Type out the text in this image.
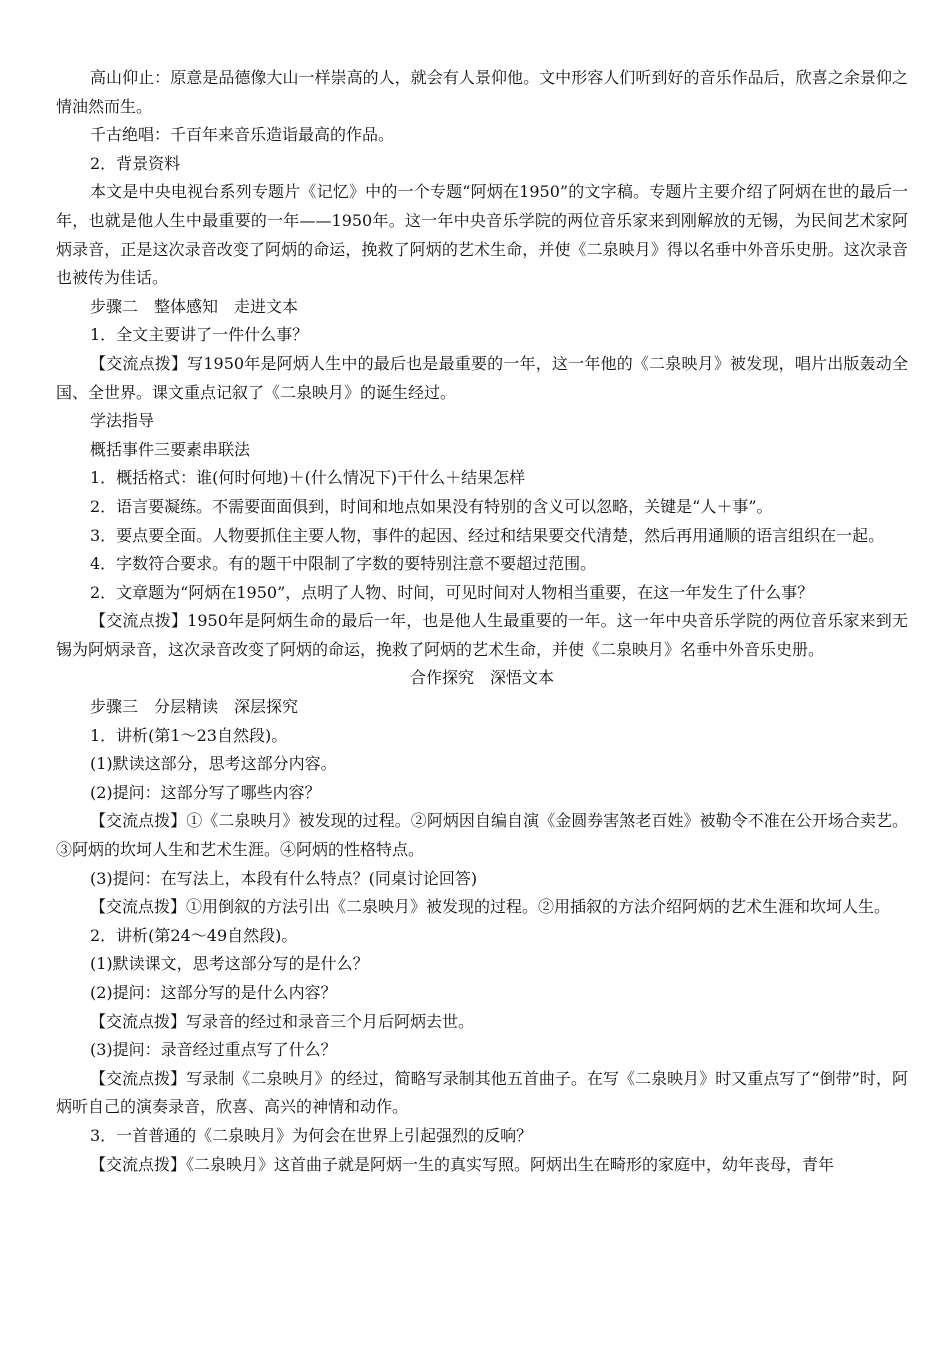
高山仰止：原意是品德像大山一样崇高的人，就会有人景仰他。文中形容人们听到好的音乐作品后，欣喜之余景仰之情油然而生。

千古绝唱：千百年来音乐造诣最高的作品。

2．背景资料

本文是中央电视台系列专题片《记忆》中的一个专题“阿炳在1950”的文字稿。专题片主要介绍了阿炳在世的最后一年，也就是他人生中最重要的一年——1950年。这一年中央音乐学院的两位音乐家来到刚解放的无锡，为民间艺术家阿炳录音，正是这次录音改变了阿炳的命运，挽救了阿炳的艺术生命，并使《二泉映月》得以名垂中外音乐史册。这次录音也被传为佳话。

步骤二　整体感知　走进文本

1．全文主要讲了一件什么事？

【交流点拨】写1950年是阿炳人生中的最后也是最重要的一年，这一年他的《二泉映月》被发现，唱片出版轰动全国、全世界。课文重点记叙了《二泉映月》的诞生经过。

学法指导

概括事件三要素串联法

1．概括格式：谁(何时何地)＋(什么情况下)干什么＋结果怎样

2．语言要凝练。不需要面面俱到，时间和地点如果没有特别的含义可以忽略，关键是“人＋事”。

3．要点要全面。人物要抓住主要人物，事件的起因、经过和结果要交代清楚，然后再用通顺的语言组织在一起。

4．字数符合要求。有的题干中限制了字数的要特别注意不要超过范围。

2．文章题为“阿炳在1950”，点明了人物、时间，可见时间对人物相当重要，在这一年发生了什么事？

【交流点拨】1950年是阿炳生命的最后一年，也是他人生最重要的一年。这一年中央音乐学院的两位音乐家来到无锡为阿炳录音，这次录音改变了阿炳的命运，挽救了阿炳的艺术生命，并使《二泉映月》名垂中外音乐史册。

合作探究　深悟文本

步骤三　分层精读　深层探究

1．讲析(第1～23自然段)。

(1)默读这部分，思考这部分内容。

(2)提问：这部分写了哪些内容？

【交流点拨】①《二泉映月》被发现的过程。②阿炳因自编自演《金圆券害煞老百姓》被勒令不准在公开场合卖艺。③阿炳的坎坷人生和艺术生涯。④阿炳的性格特点。

(3)提问：在写法上，本段有什么特点？(同桌讨论回答)

【交流点拨】①用倒叙的方法引出《二泉映月》被发现的过程。②用插叙的方法介绍阿炳的艺术生涯和坎坷人生。

2．讲析(第24～49自然段)。

(1)默读课文，思考这部分写的是什么？

(2)提问：这部分写的是什么内容？

【交流点拨】写录音的经过和录音三个月后阿炳去世。

(3)提问：录音经过重点写了什么？

【交流点拨】写录制《二泉映月》的经过，简略写录制其他五首曲子。在写《二泉映月》时又重点写了“倒带”时，阿炳听自己的演奏录音，欣喜、高兴的神情和动作。

3．一首普通的《二泉映月》为何会在世界上引起强烈的反响？

【交流点拨】《二泉映月》这首曲子就是阿炳一生的真实写照。阿炳出生在畸形的家庭中，幼年丧母，青年
